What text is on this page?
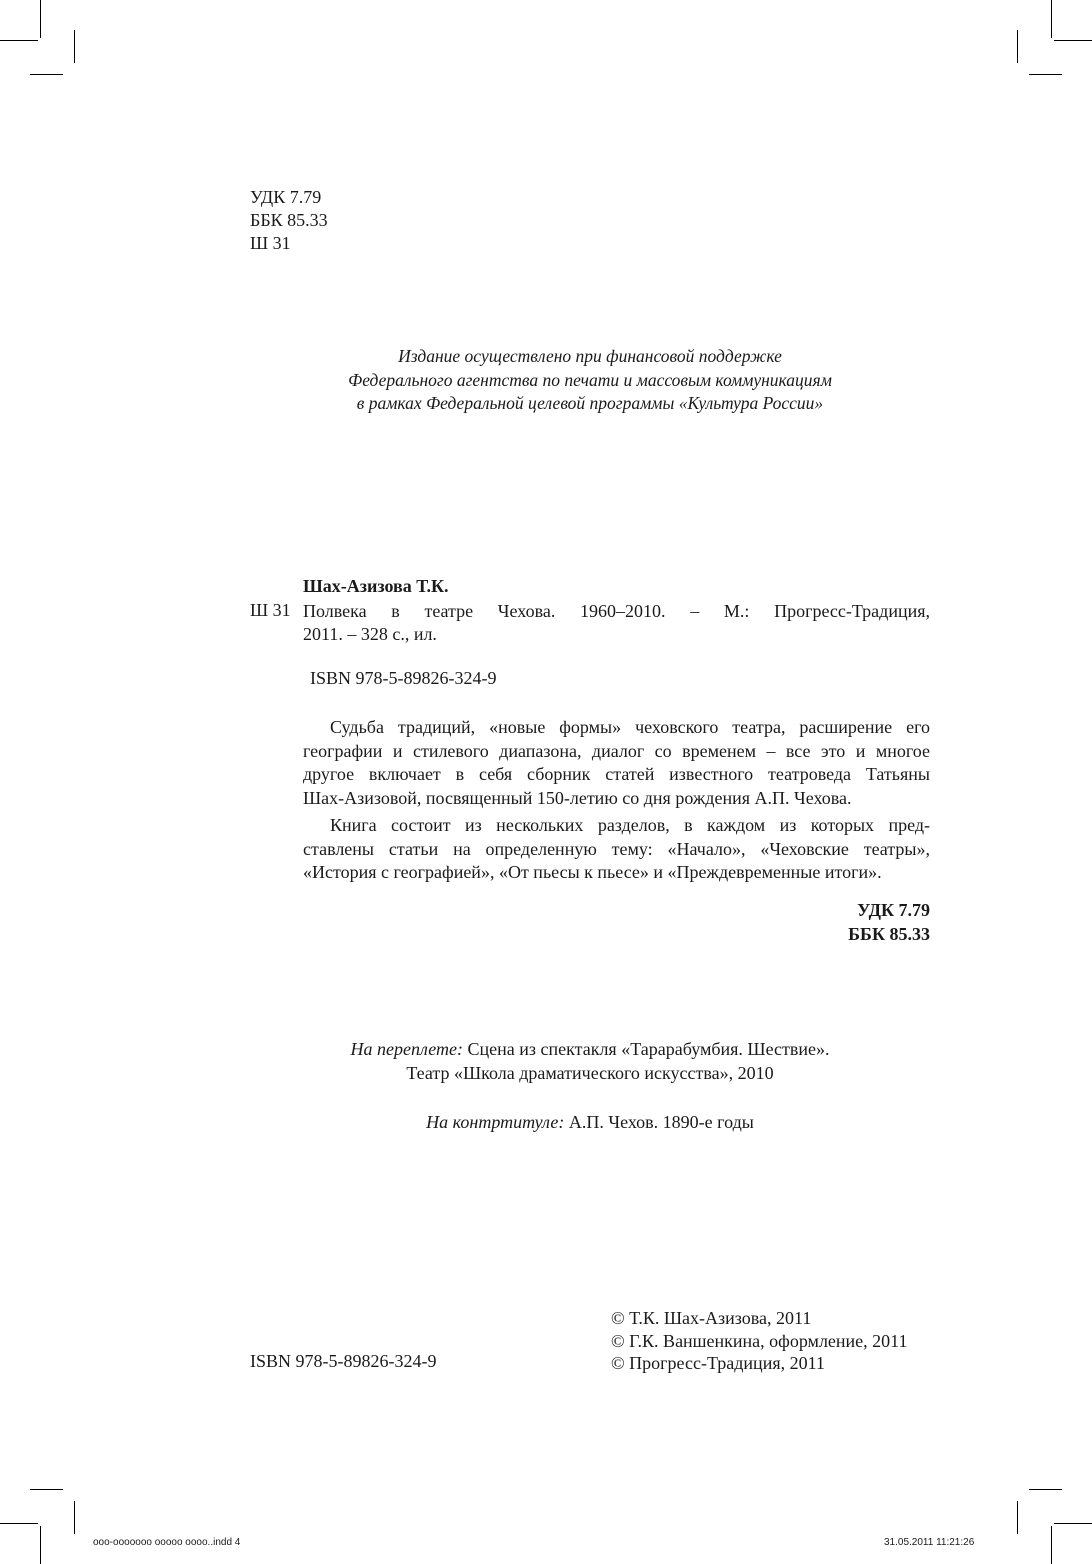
УДК 7.79
ББК 85.33
Ш 31
Издание осуществлено при финансовой поддержке
Федерального агентства по печати и массовым коммуникациям
в рамках Федеральной целевой программы «Культура России»
Шах-Азизова Т.К.
Ш 31 Полвека в театре Чехова. 1960–2010. – М.: Прогресс-Традиция,
2011. – 328 с., ил.
ISBN 978-5-89826-324-9
Судьба традиций, «новые формы» чеховского театра, расширение его
географии и стилевого диапазона, диалог со временем – все это и многое
другое включает в себя сборник статей известного театроведа Татьяны
Шах-Азизовой, посвященный 150-летию со дня рождения А.П. Чехова.
Книга состоит из нескольких разделов, в каждом из которых пред-
ставлены статьи на определенную тему: «Начало», «Чеховские театры»,
«История с географией», «От пьесы к пьесе» и «Преждевременные итоги».
УДК 7.79
ББК 85.33
На переплете: Сцена из спектакля «Тарарабумбия. Шествие».
Театр «Школа драматического искусства», 2010
На контртитуле: А.П. Чехов. 1890-е годы
© Т.К. Шах-Азизова, 2011
© Г.К. Ваншенкина, оформление, 2011
© Прогресс-Традиция, 2011
ISBN 978-5-89826-324-9
ооо-ооооооо ооооо оооо..indd 4	31.05.2011 11:21:26
